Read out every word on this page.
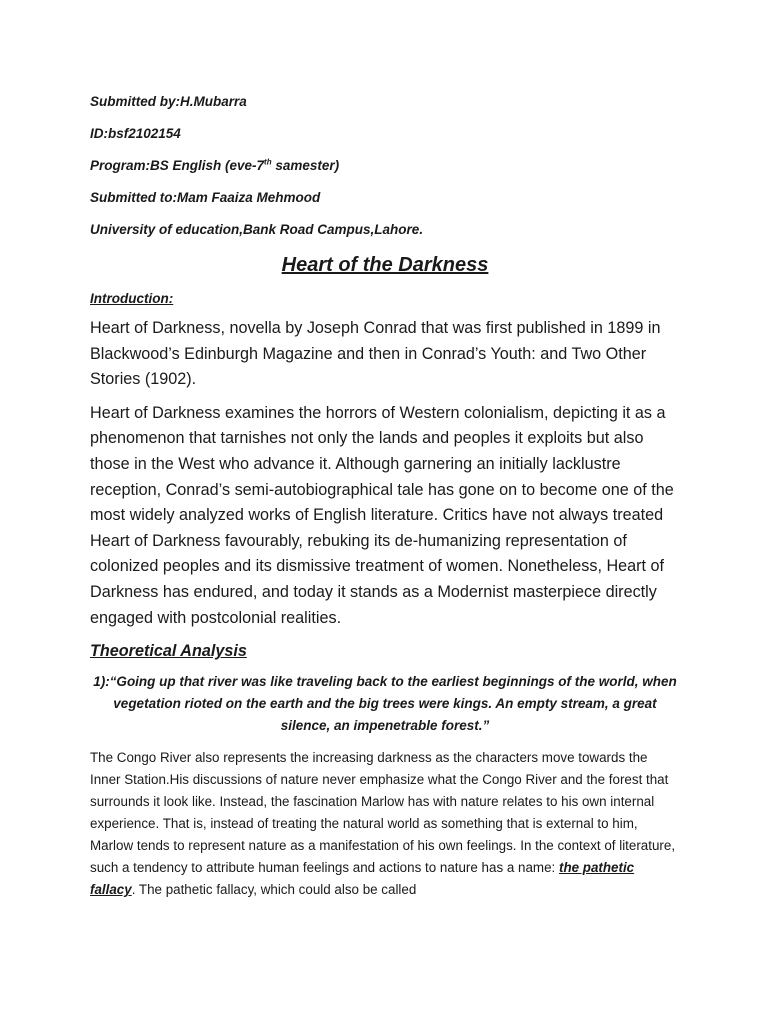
Submitted by:H.Mubarra

ID:bsf2102154

Program:BS English (eve-7th samester)

Submitted to:Mam Faaiza Mehmood

University of education,Bank Road Campus,Lahore.

Heart of the Darkness

Introduction:

Heart of Darkness, novella by Joseph Conrad that was first published in 1899 in Blackwood’s Edinburgh Magazine and then in Conrad’s Youth: and Two Other Stories (1902).

Heart of Darkness examines the horrors of Western colonialism, depicting it as a phenomenon that tarnishes not only the lands and peoples it exploits but also those in the West who advance it. Although garnering an initially lacklustre reception, Conrad’s semi-autobiographical tale has gone on to become one of the most widely analyzed works of English literature. Critics have not always treated Heart of Darkness favourably, rebuking its de-humanizing representation of colonized peoples and its dismissive treatment of women. Nonetheless, Heart of Darkness has endured, and today it stands as a Modernist masterpiece directly engaged with postcolonial realities.

Theoretical Analysis

1):“Going up that river was like traveling back to the earliest beginnings of the world, when vegetation rioted on the earth and the big trees were kings. An empty stream, a great silence, an impenetrable forest.”

The Congo River also represents the increasing darkness as the characters move towards the Inner Station.His discussions of nature never emphasize what the Congo River and the forest that surrounds it look like. Instead, the fascination Marlow has with nature relates to his own internal experience. That is, instead of treating the natural world as something that is external to him, Marlow tends to represent nature as a manifestation of his own feelings. In the context of literature, such a tendency to attribute human feelings and actions to nature has a name: the pathetic fallacy. The pathetic fallacy, which could also be called
